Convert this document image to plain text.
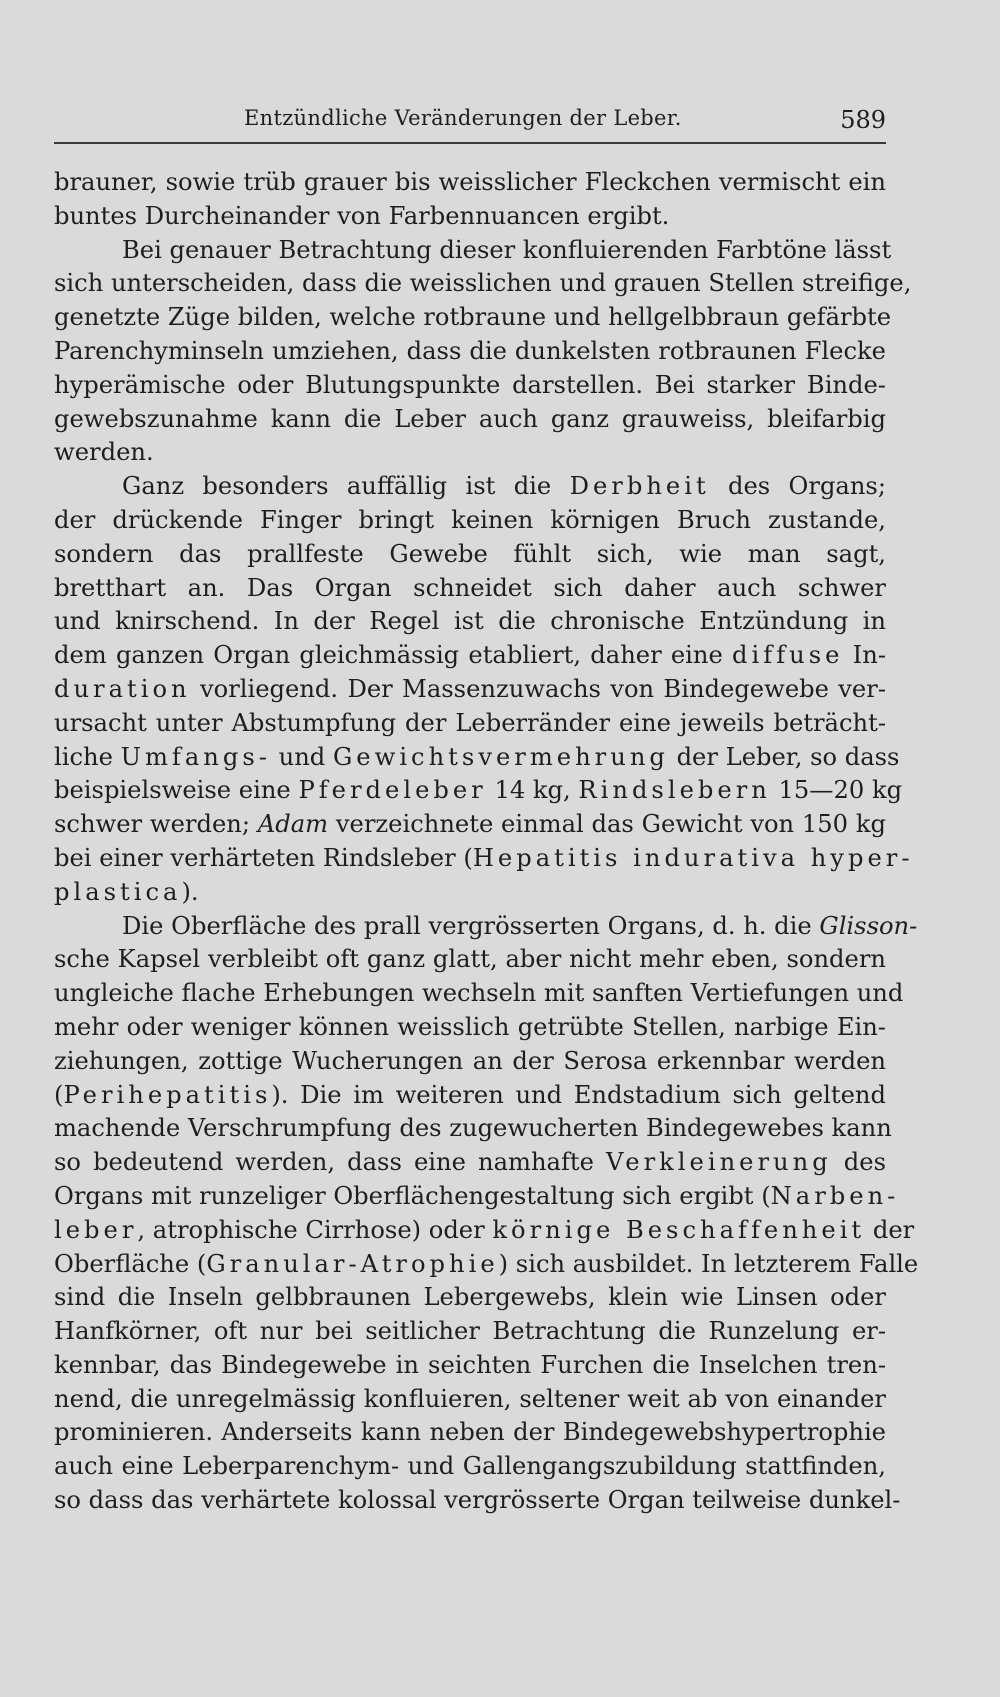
Entzündliche Veränderungen der Leber.	589
brauner, sowie trüb grauer bis weisslicher Fleckchen vermischt ein
buntes Durcheinander von Farbennuancen ergibt.
Bei genauer Betrachtung dieser konfluierenden Farbtöne lässt
sich unterscheiden, dass die weisslichen und grauen Stellen streifige,
genetzte Züge bilden, welche rotbraune und hellgelbbraun gefärbte
Parenchyminseln umziehen, dass die dunkelsten rotbraunen Flecke
hyperämische oder Blutungspunkte darstellen. Bei starker Binde-
gewebszunahme kann die Leber auch ganz grauweiss, bleifarbig
werden.
Ganz besonders auffällig ist die Derbheit des Organs;
der drückende Finger bringt keinen körnigen Bruch zustande,
sondern das prallfeste Gewebe fühlt sich, wie man sagt,
bretthart an. Das Organ schneidet sich daher auch schwer
und knirschend. In der Regel ist die chronische Entzündung in
dem ganzen Organ gleichmässig etabliert, daher eine diffuse In-
duration vorliegend. Der Massenzuwachs von Bindegewebe ver-
ursacht unter Abstumpfung der Leberränder eine jeweils beträcht-
liche Umfangs- und Gewichtsvermehrung der Leber, so dass
beispielsweise eine Pferdeleber 14 kg, Rindslebern 15—20 kg
schwer werden; Adam verzeichnete einmal das Gewicht von 150 kg
bei einer verhärteten Rindsleber (Hepatitis indurativa hyper-
plastica).
Die Oberfläche des prall vergrösserten Organs, d. h. die Glisson-
sche Kapsel verbleibt oft ganz glatt, aber nicht mehr eben, sondern
ungleiche flache Erhebungen wechseln mit sanften Vertiefungen und
mehr oder weniger können weisslich getrübte Stellen, narbige Ein-
ziehungen, zottige Wucherungen an der Serosa erkennbar werden
(Perihepatitis). Die im weiteren und Endstadium sich geltend
machende Verschrumpfung des zugewucherten Bindegewebes kann
so bedeutend werden, dass eine namhafte Verkleinerung des
Organs mit runzeliger Oberflächengestaltung sich ergibt (Narben-
leber, atrophische Cirrhose) oder körnige Beschaffenheit der
Oberfläche (Granular-Atrophie) sich ausbildet. In letzterem Falle
sind die Inseln gelbbraunen Lebergewebs, klein wie Linsen oder
Hanfkörner, oft nur bei seitlicher Betrachtung die Runzelung er-
kennbar, das Bindegewebe in seichten Furchen die Inselchen tren-
nend, die unregelmässig konfluieren, seltener weit ab von einander
prominieren. Anderseits kann neben der Bindegewebshypertrophie
auch eine Leberparenchym- und Gallengangszubildung stattfinden,
so dass das verhärtete kolossal vergrösserte Organ teilweise dunkel-
